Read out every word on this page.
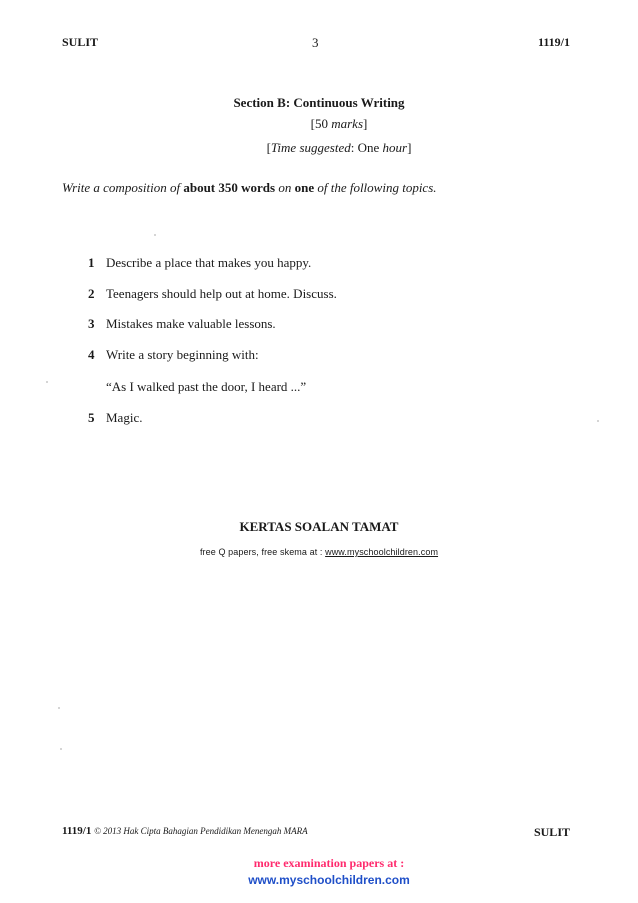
SULIT	3	1119/1
Section B: Continuous Writing
[50 marks]
[Time suggested: One hour]
Write a composition of about 350 words on one of the following topics.
1 Describe a place that makes you happy.
2 Teenagers should help out at home. Discuss.
3 Mistakes make valuable lessons.
4 Write a story beginning with:
“As I walked past the door, I heard ...”
5 Magic.
KERTAS SOALAN TAMAT
free Q papers, free skema at : www.myschoolchildren.com
1119/1 © 2013 Hak Cipta Bahagian Pendidikan Menengah MARA	SULIT
more examination papers at :
www.myschoolchildren.com
